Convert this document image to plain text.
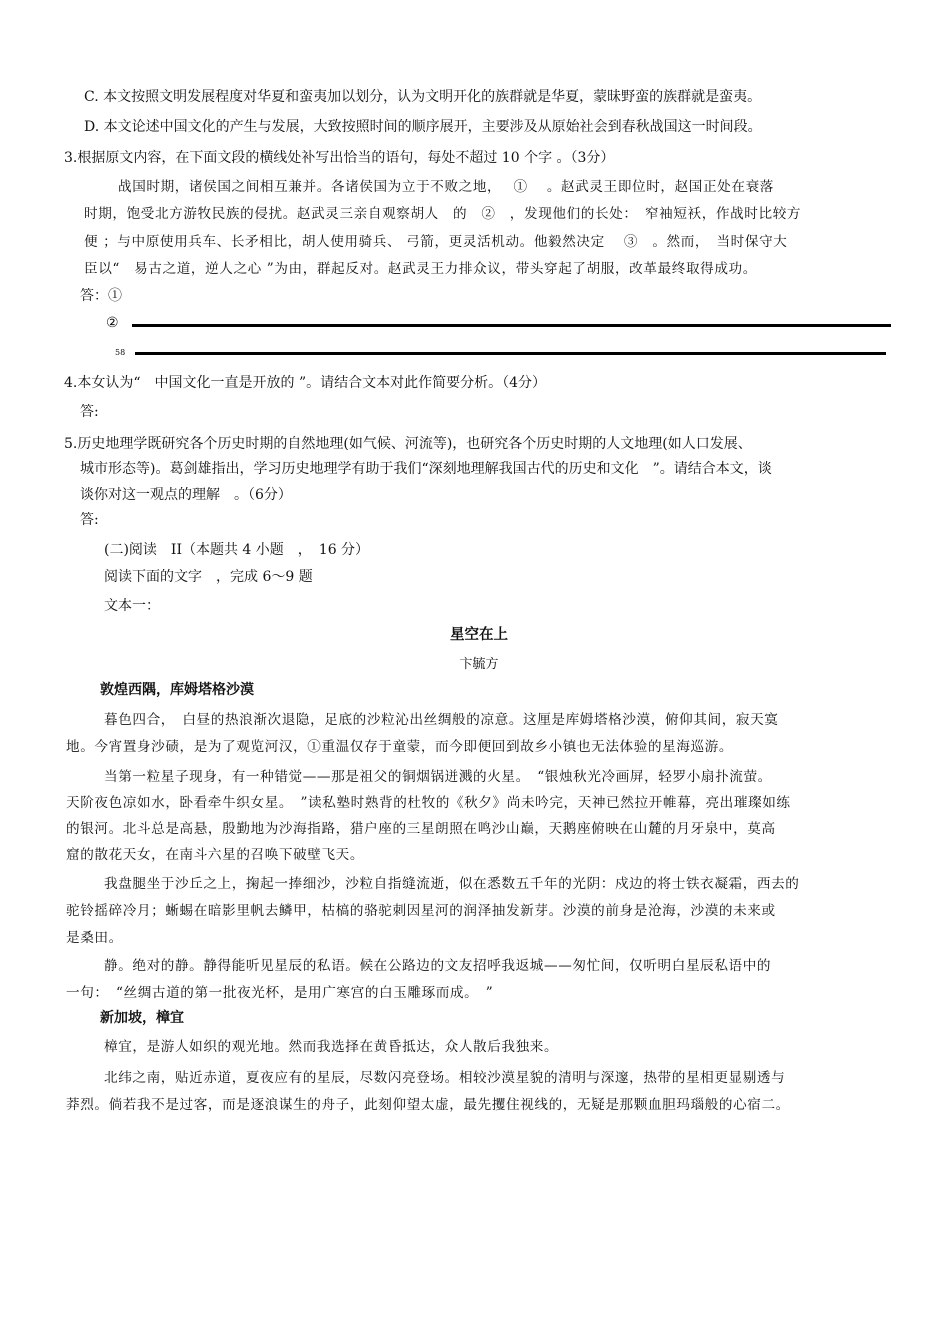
C. 本文按照文明发展程度对华夏和蛮夷加以划分，认为文明开化的族群就是华夏，蒙昧野蛮的族群就是蛮夷。
D. 本文论述中国文化的产生与发展，大致按照时间的顺序展开，主要涉及从原始社会到春秋战国这一时间段。
3.根据原文内容，在下面文段的横线处补写出恰当的语句，每处不超过 10 个字 。（3分）
战国时期，诸侯国之间相互兼并。各诸侯国为立于不败之地，　 ①　 。赵武灵王即位时，赵国正处在衰落
时期，饱受北方游牧民族的侵扰。赵武灵三亲自观察胡人　的　②　，发现他们的长处：　窄袖短袄，作战时比较方
便 ；与中原使用兵车、长矛相比，胡人使用骑兵、 弓箭，更灵活机动。他毅然决定　 ③　。然而，　当时保守大
臣以“　易古之道，逆人之心 ”为由，群起反对。赵武灵王力排众议，带头穿起了胡服，改革最终取得成功。
答：①
②
58
4.本女认为“　中国文化一直是开放的 ”。请结合文本对此作简要分析。（4分）
答:
5.历史地理学既研究各个历史时期的自然地理(如气候、河流等)，也研究各个历史时期的人文地理(如人口发展、
城市形态等)。葛剑雄指出，学习历史地理学有助于我们“深刻地理解我国古代的历史和文化　”。请结合本文，谈
谈你对这一观点的理解　。（6分）
答:
(二)阅读　II（本题共 4 小题　，　16 分）
阅读下面的文字　，完成 6～9 题
文本一：
星空在上
卞毓方
敦煌西隅，库姆塔格沙漠
暮色四合，　白昼的热浪渐次退隐，足底的沙粒沁出丝绸般的凉意。这厘是库姆塔格沙漠，俯仰其间，寂天寞
地。今宵置身沙碛，是为了观览河汉，①重温仅存于童蒙，而今即便回到故乡小镇也无法体验的星海巡游。
当第一粒星子现身，有一种错觉——那是祖父的铜烟锅迸溅的火星。　“银烛秋光冷画屏，轻罗小扇扑流萤。
天阶夜色凉如水，卧看牵牛织女星。　”读私塾时熟背的杜牧的《秋夕》尚未吟完，天神已然拉开帷幕，亮出璀璨如练
的银河。北斗总是高悬，殷勤地为沙海指路，猎户座的三星朗照在鸣沙山巅，天鹅座俯映在山麓的月牙泉中，莫高
窟的散花天女，在南斗六星的召唤下破壁飞天。
我盘腿坐于沙丘之上，掬起一捧细沙，沙粒自指缝流逝，似在悉数五千年的光阴：戍边的将士铁衣凝霜，西去的
驼铃摇碎冷月；蜥蜴在暗影里帆去鳞甲，枯槁的骆驼刺因星河的润泽抽发新芽。沙漠的前身是沧海，沙漠的未来或
是桑田。
静。绝对的静。静得能听见星辰的私语。候在公路边的文友招呼我返城——匆忙间，仅听明白星辰私语中的
一句：　“丝绸古道的第一批夜光杯，是用广寒宫的白玉雕琢而成。　”
新加坡，樟宜
樟宜，是游人如织的观光地。然而我选择在黄昏抵达，众人散后我独来。
北纬之南，贴近赤道，夏夜应有的星辰，尽数闪亮登场。相较沙漠星貌的清明与深邃，热带的星相更显剔透与
莽烈。倘若我不是过客，而是逐浪谋生的舟子，此刻仰望太虚，最先攫住视线的，无疑是那颗血胆玛瑙般的心宿二。
